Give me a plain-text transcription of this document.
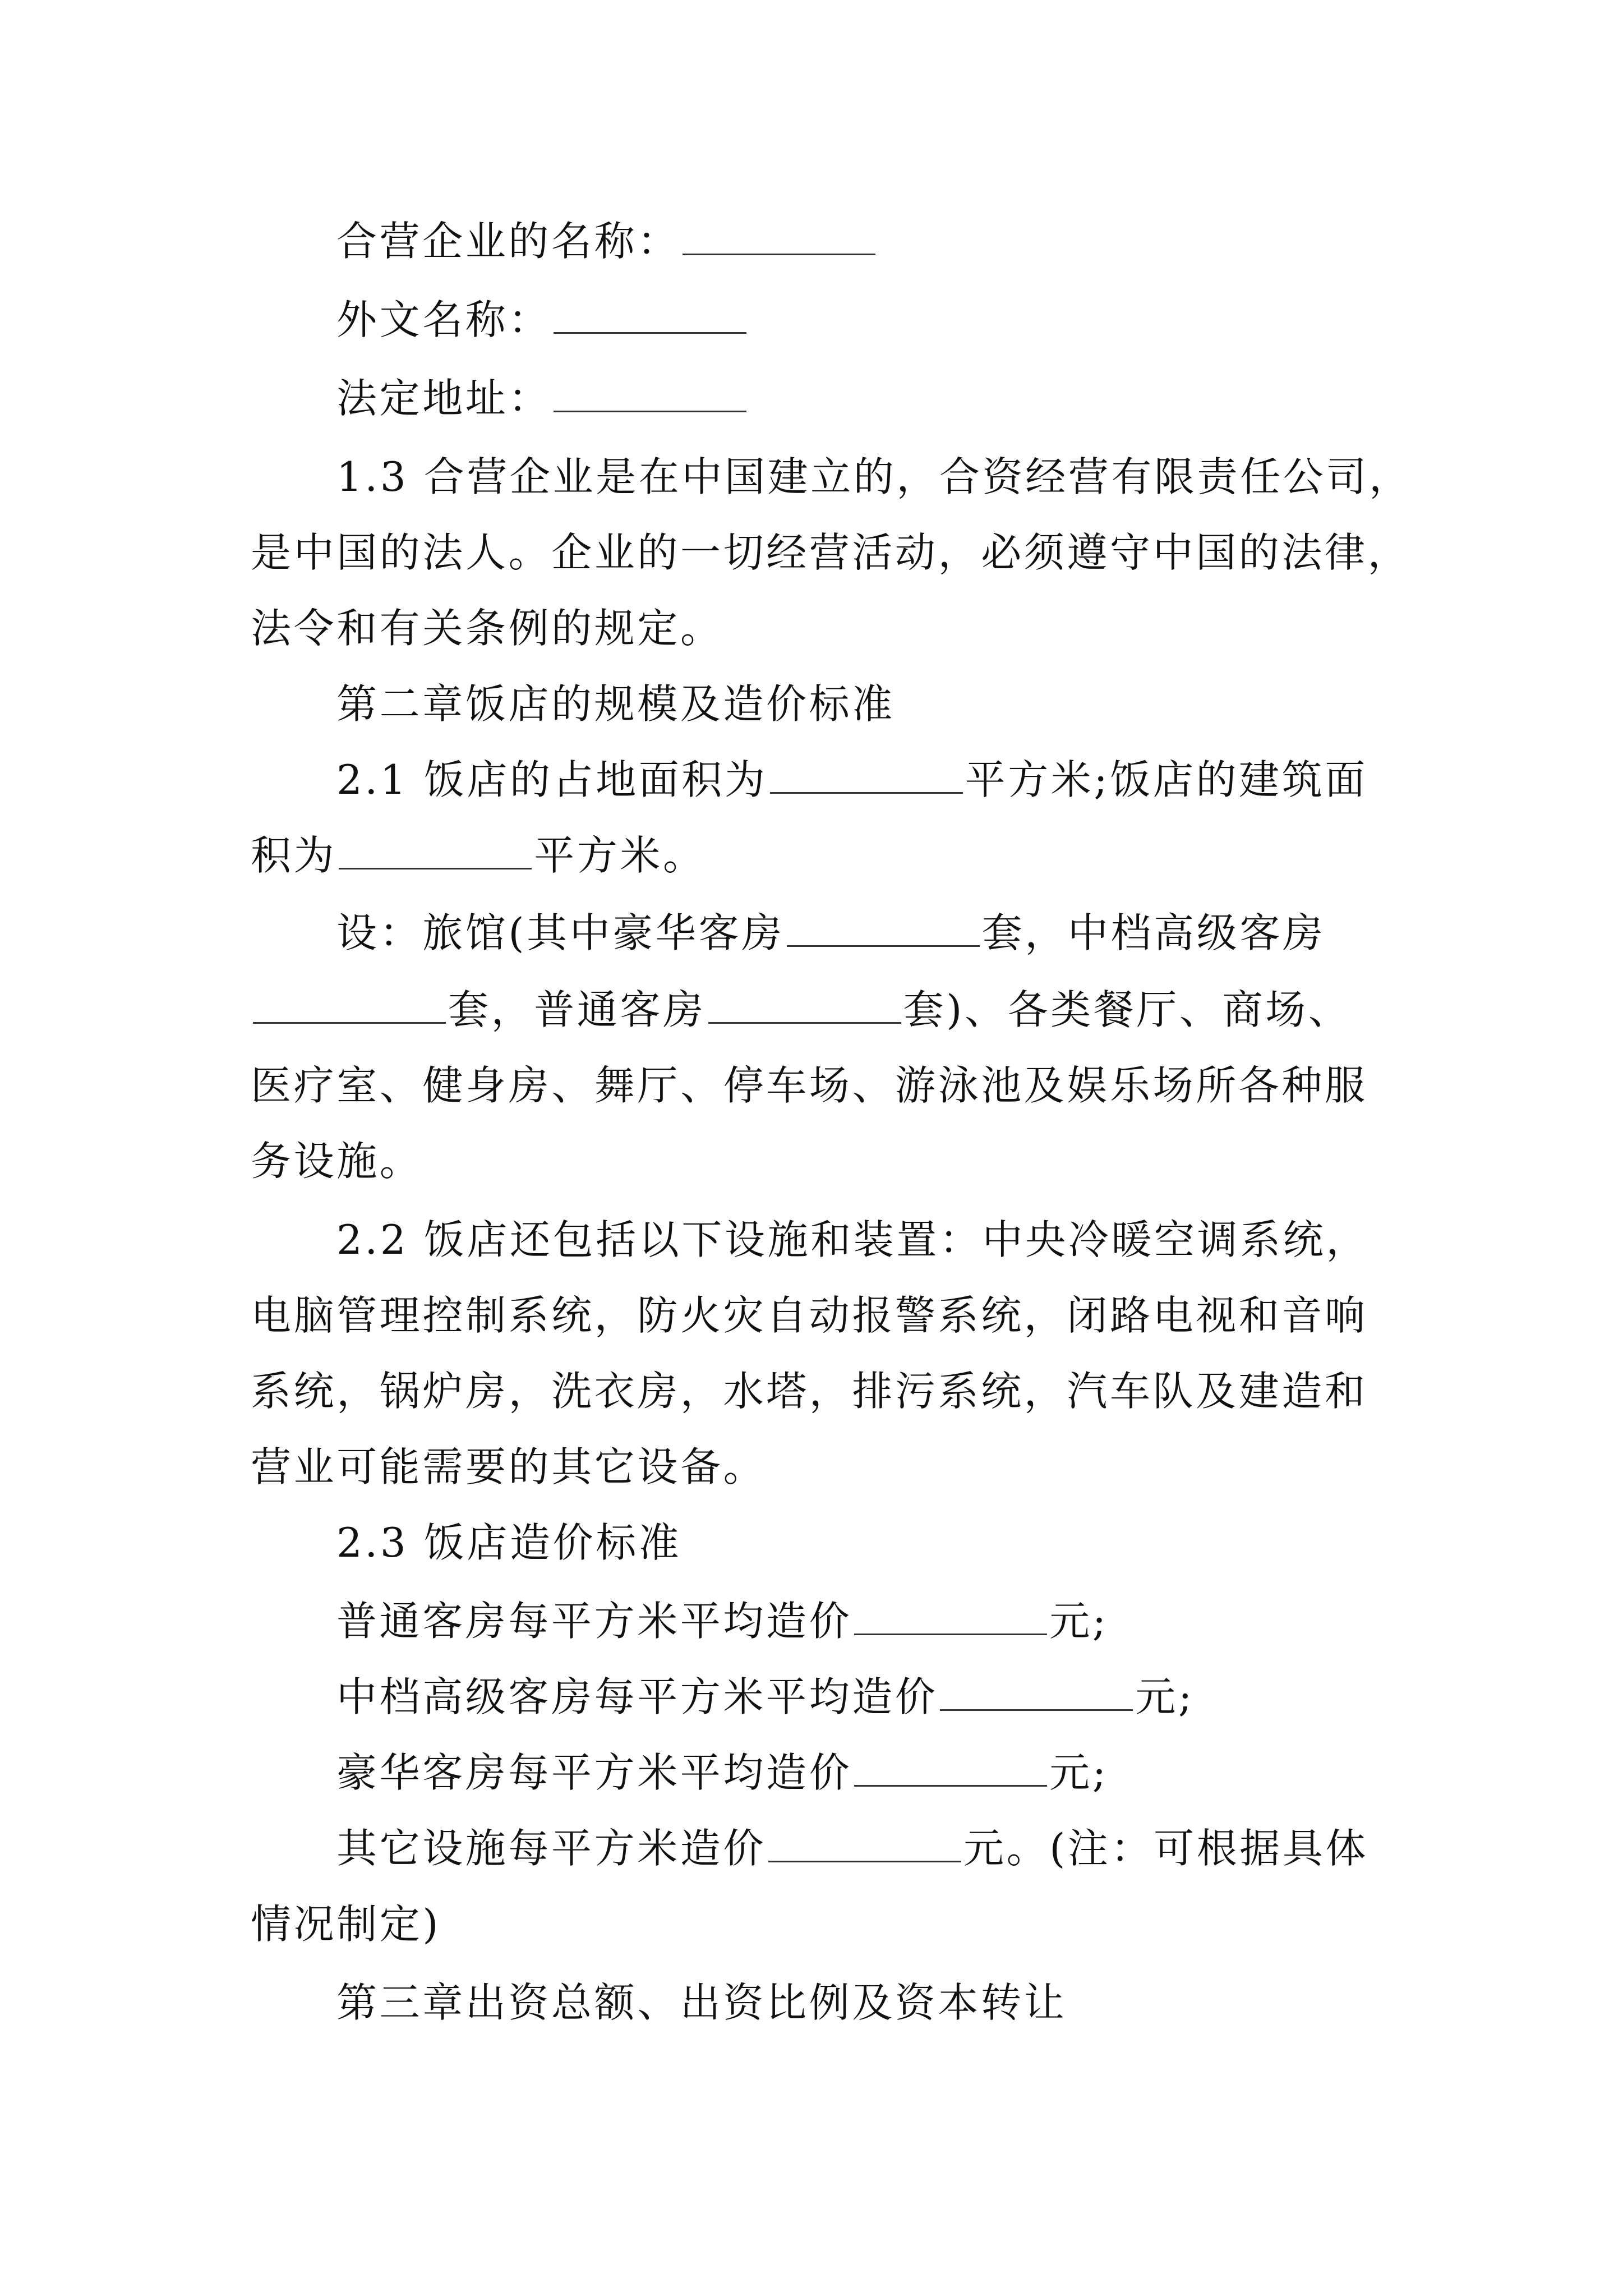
合营企业的名称：

外文名称：

法定地址：

1.3 合营企业是在中国建立的，合资经营有限责任公司，

是中国的法人。企业的一切经营活动，必须遵守中国的法律，

法令和有关条例的规定。

第二章饭店的规模及造价标准

2.1 饭店的占地面积为	平方米;饭店的建筑面

积为	平方米。

设：旅馆(其中豪华客房	套，中档高级客房

套，普通客房	套)、各类餐厅、商场、

医疗室、健身房、舞厅、停车场、游泳池及娱乐场所各种服

务设施。

2.2 饭店还包括以下设施和装置：中央冷暖空调系统，

电脑管理控制系统，防火灾自动报警系统，闭路电视和音响

系统，锅炉房，洗衣房，水塔，排污系统，汽车队及建造和

营业可能需要的其它设备。

2.3 饭店造价标准

普通客房每平方米平均造价	元;

中档高级客房每平方米平均造价	元;

豪华客房每平方米平均造价	元;

其它设施每平方米造价	元。(注：可根据具体

情况制定)

第三章出资总额、出资比例及资本转让
